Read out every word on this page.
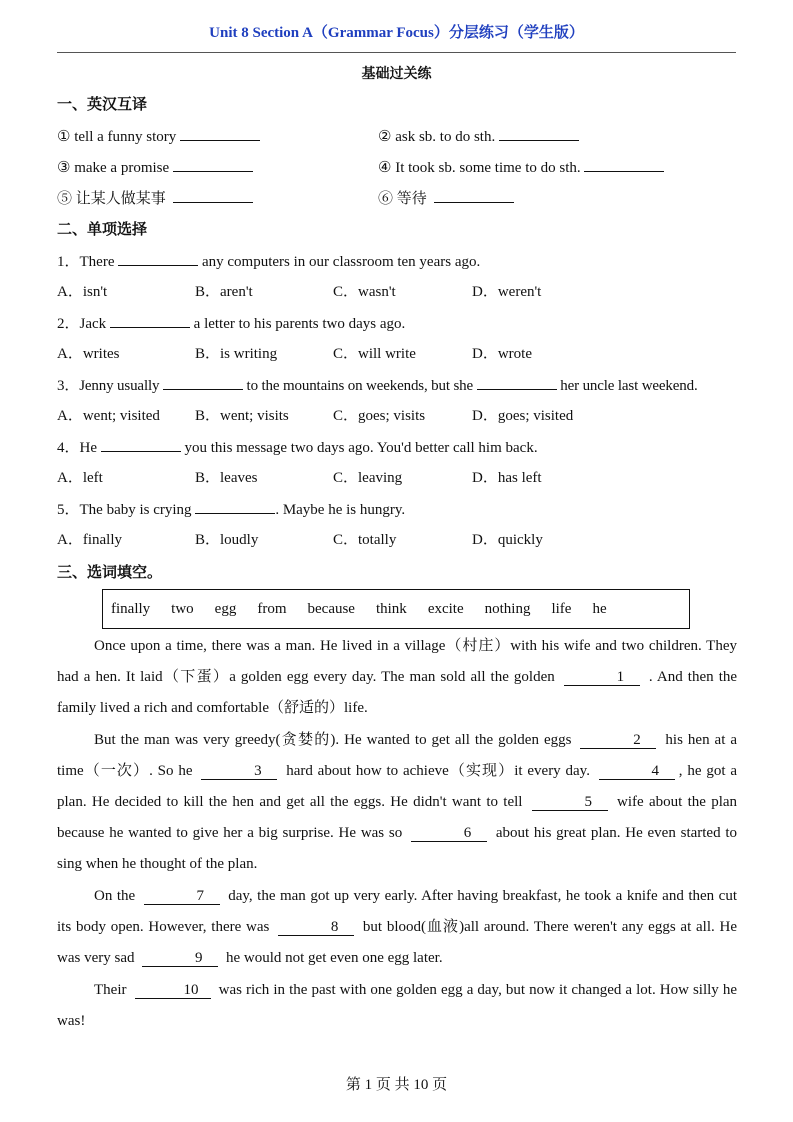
Unit 8 Section A（Grammar Focus）分层练习（学生版）
基础过关练
一、英汉互译
① tell a funny story	② ask sb. to do sth.
③ make a promise	④ It took sb. some time to do sth.
⑤ 让某人做某事	⑥ 等待
二、单项选择
1．There	any computers in our classroom ten years ago.
A．isn't	B．aren't	C．wasn't	D．weren't
2．Jack	a letter to his parents two days ago.
A．writes	B．is writing	C．will write	D．wrote
3．Jenny usually	to the mountains on weekends, but she	her uncle last weekend.
A．went; visited B．went; visits	C．goes; visits	D．goes; visited
4．He	you this message two days ago. You'd better call him back.
A．left	B．leaves	C．leaving	D．has left
5．The baby is crying	. Maybe he is hungry.
A．finally	B．loudly	C．totally	D．quickly
三、选词填空。
finally two egg from because think excite nothing life he
Once upon a time, there was a man. He lived in a village（村庄）with his wife and two children. They had a hen. It laid（下蛋）a golden egg every day. The man sold all the golden	1 . And then the family lived a rich and comfortable（舒适的）life.
But the man was very greedy(贪婪的). He wanted to get all the golden eggs	2 his hen at a time（一次）. So he	3 hard about how to achieve（实现）it every day.	4 , he got a plan. He decided to kill the hen and get all the eggs. He didn't want to tell	5 wife about the plan because he wanted to give her a big surprise. He was so	6 about his great plan. He even started to sing when he thought of the plan.
On the	7 day, the man got up very early. After having breakfast, he took a knife and then cut its body open. However, there was	8 but blood(血液)all around. There weren't any eggs at all. He was very sad	9 he would not get even one egg later.
Their	10 was rich in the past with one golden egg a day, but now it changed a lot. How silly he was!
第 1 页 共 10 页
